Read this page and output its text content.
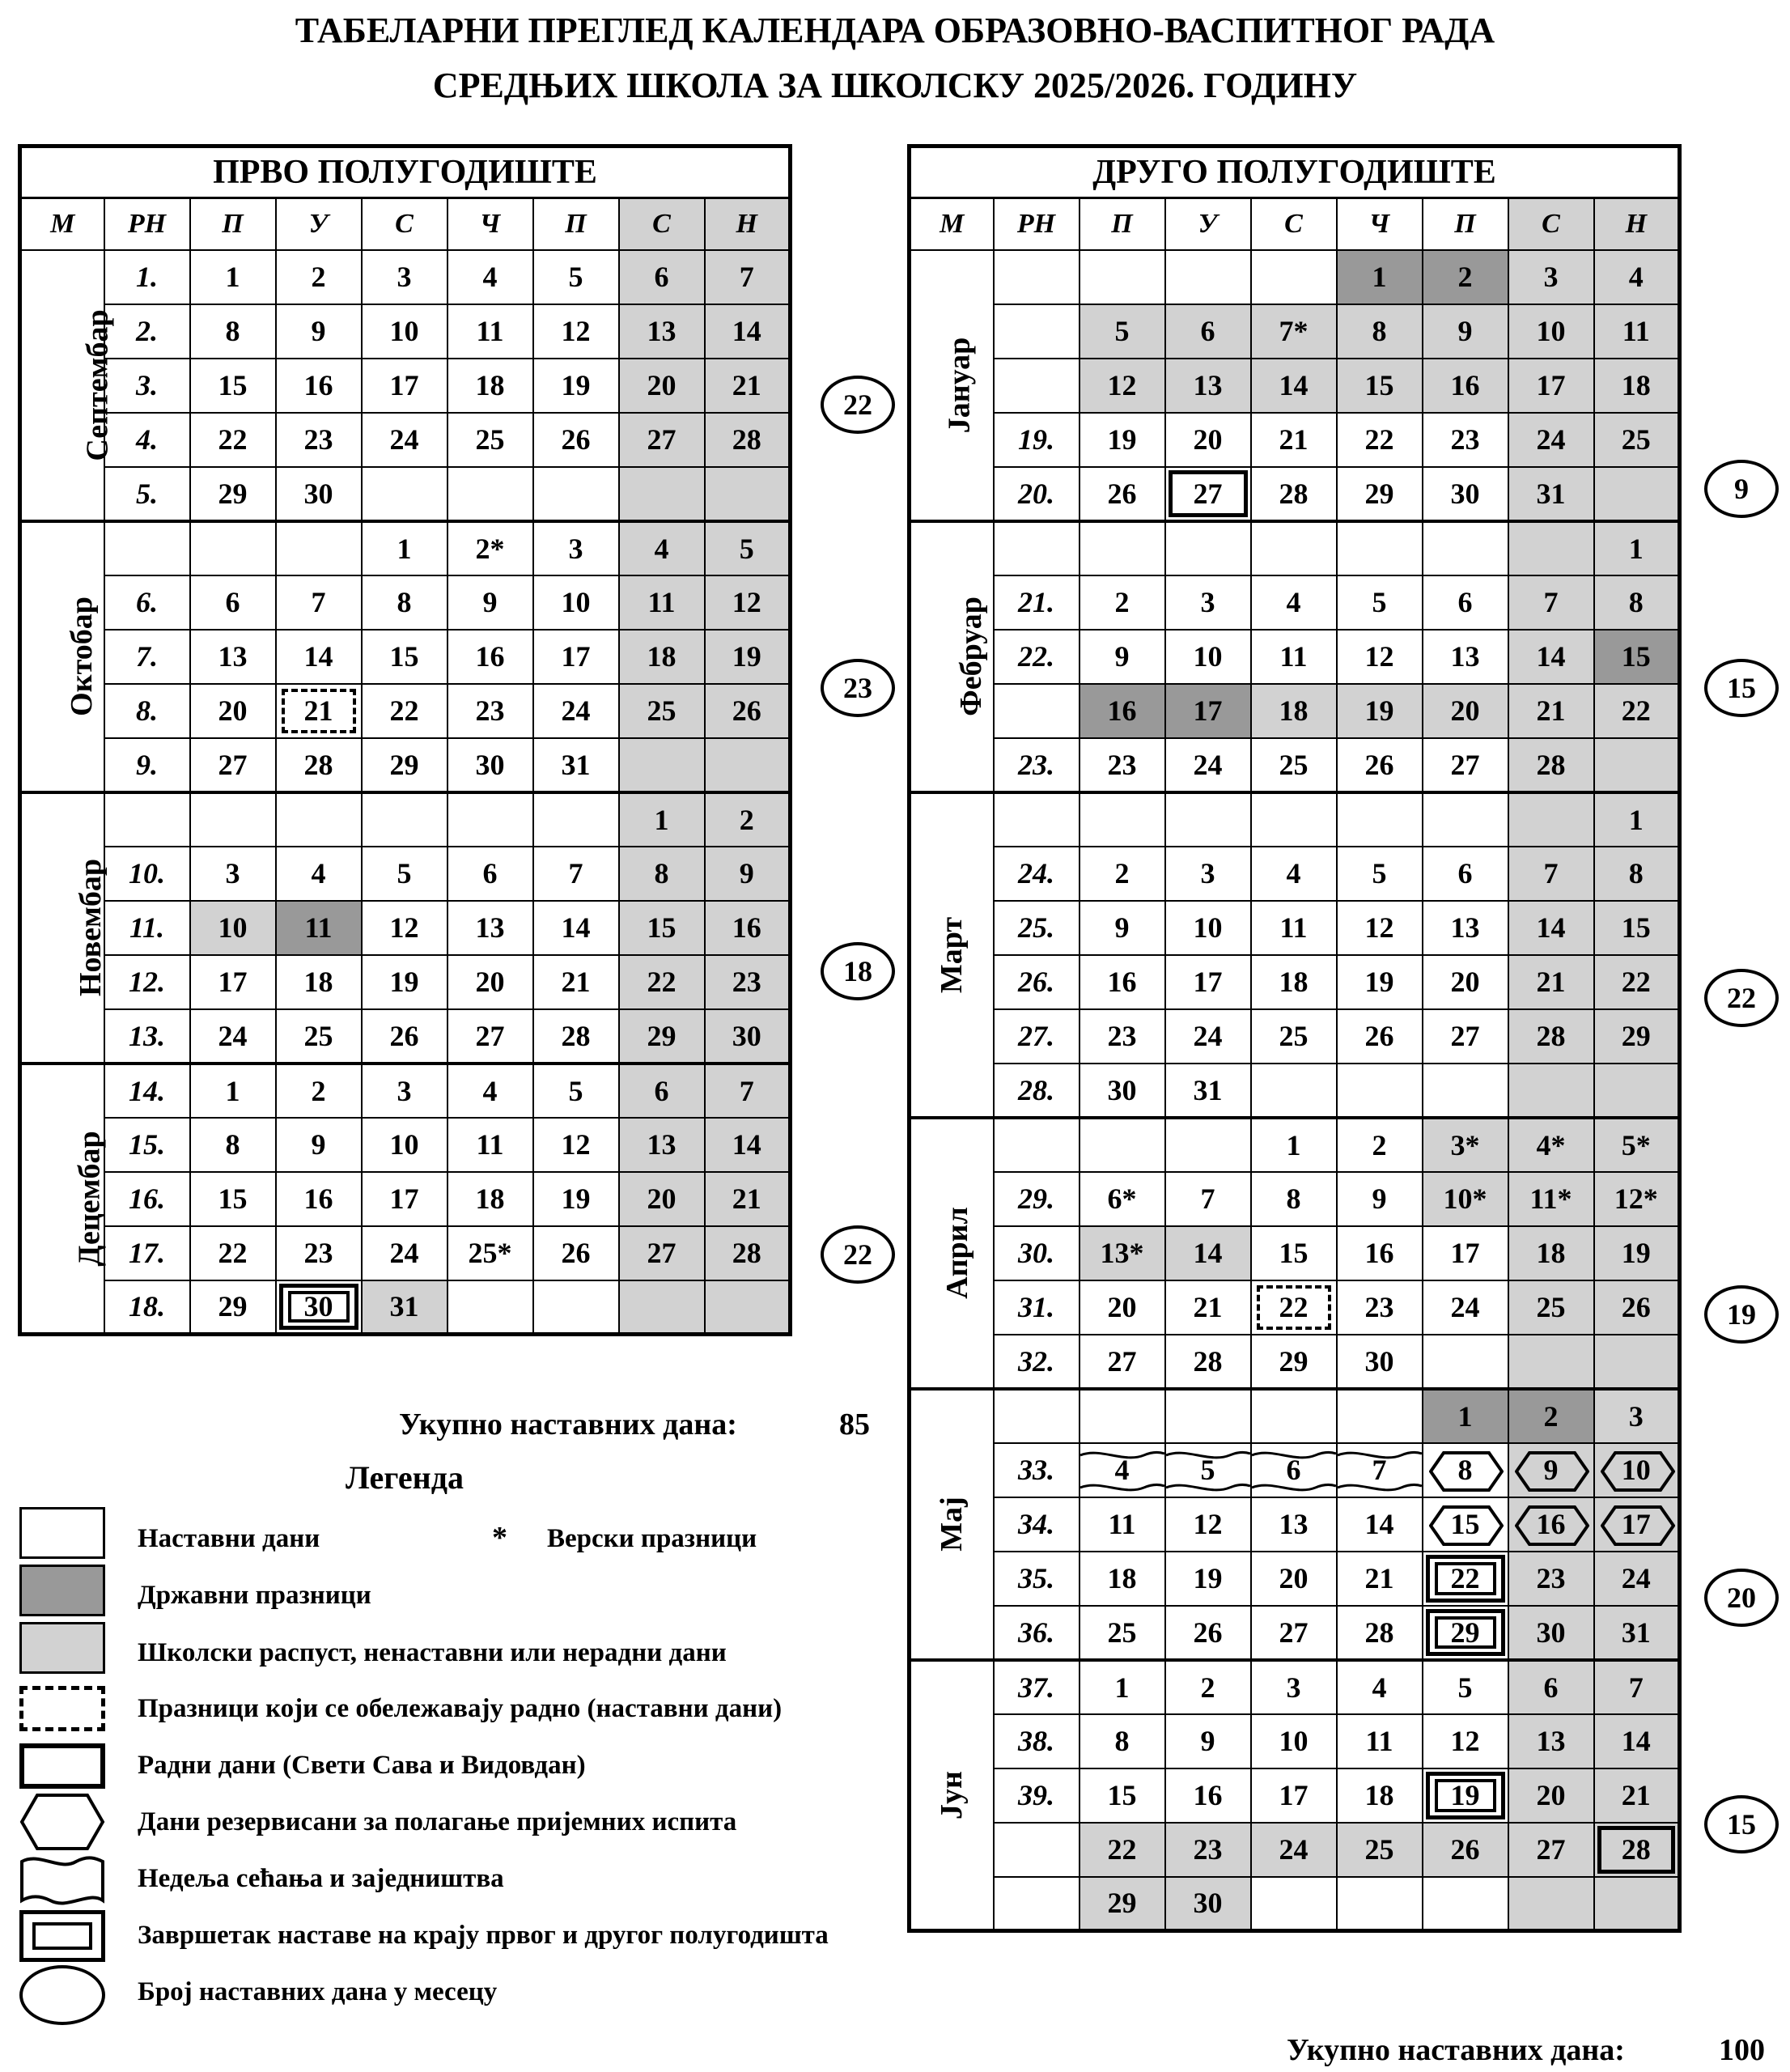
ТАБЕЛАРНИ ПРЕГЛЕД КАЛЕНДАРА ОБРАЗОВНО-ВАСПИТНОГ РАДА
СРЕДЊИХ ШКОЛА ЗА ШКОЛСКУ 2025/2026. ГОДИНУ
ПРВО ПОЛУГОДИШТЕ								
М	РН	П	У	С	Ч	П	С	Н
Септембар	1.	1	2	3	4	5	6	7
	2.	8	9	10	11	12	13	14
	3.	15	16	17	18	19	20	21
	4.	22	23	24	25	26	27	28
	5.	29	30					
Октобар				1	2*	3	4	5
	6.	6	7	8	9	10	11	12
	7.	13	14	15	16	17	18	19
	8.	20	21	22	23	24	25	26
	9.	27	28	29	30	31		
Новембар							1	2
	10.	3	4	5	6	7	8	9
	11.	10	11	12	13	14	15	16
	12.	17	18	19	20	21	22	23
	13.	24	25	26	27	28	29	30
Децембар	14.	1	2	3	4	5	6	7
	15.	8	9	10	11	12	13	14
	16.	15	16	17	18	19	20	21
	17.	22	23	24	25*	26	27	28
	18.	29	30	31				
ДРУГО ПОЛУГОДИШТЕ								
М	РН	П	У	С	Ч	П	С	Н
Јануар					1	2	3	4
		5	6	7*	8	9	10	11
		12	13	14	15	16	17	18
	19.	19	20	21	22	23	24	25
	20.	26	27	28	29	30	31	
Фебруар								1
	21.	2	3	4	5	6	7	8
	22.	9	10	11	12	13	14	15
		16	17	18	19	20	21	22
	23.	23	24	25	26	27	28	
Март								1
	24.	2	3	4	5	6	7	8
	25.	9	10	11	12	13	14	15
	26.	16	17	18	19	20	21	22
	27.	23	24	25	26	27	28	29
	28.	30	31					
Април				1	2	3*	4*	5*
	29.	6*	7	8	9	10*	11*	12*
	30.	13*	14	15	16	17	18	19
	31.	20	21	22	23	24	25	26
	32.	27	28	29	30			
Мај						1	2	3
	33.	4	5	6	7	8	9	10
	34.	11	12	13	14	15	16	17
	35.	18	19	20	21	22	23	24
	36.	25	26	27	28	29	30	31
Јун	37.	1	2	3	4	5	6	7
	38.	8	9	10	11	12	13	14
	39.	15	16	17	18	19	20	21
		22	23	24	25	26	27	28
		29	30					
22
23
18
22
9
15
22
19
20
15
Укупно наставних дана:	85
Укупно наставних дана:	100
Легенда
Наставни дани	* Верски празници
Државни празници
Школски распуст, ненаставни или нерадни дани
Празници који се обележавају радно (наставни дани)
Радни дани (Свети Сава и Видовдан)
Дани резервисани за полагање пријемних испита
Недеља сећања и заједништва
Завршетак наставе на крају првог и другог полугодишта
Број наставних дана у месецу
